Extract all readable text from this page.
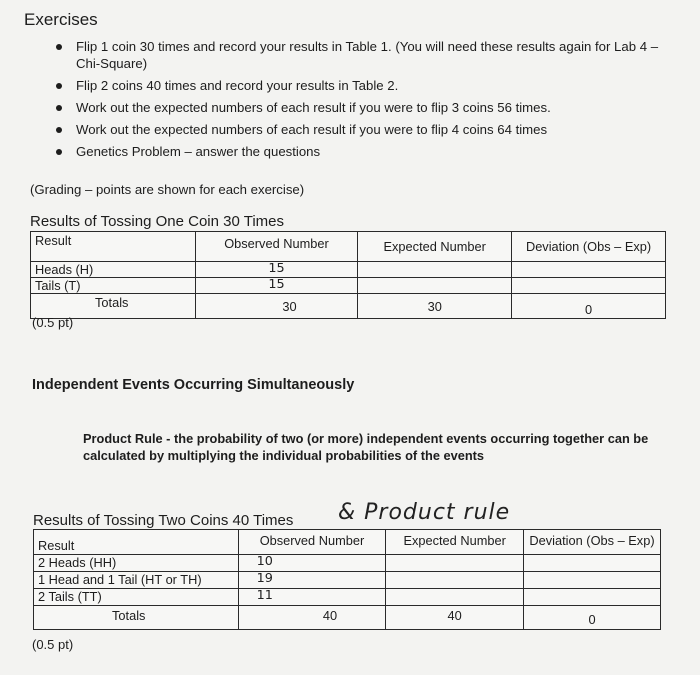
Exercises
Flip 1 coin 30 times and record your results in Table 1. (You will need these results again for Lab 4 – Chi-Square)
Flip 2 coins 40 times and record your results in Table 2.
Work out the expected numbers of each result if you were to flip 3 coins 56 times.
Work out the expected numbers of each result if you were to flip 4 coins 64 times
Genetics Problem – answer the questions
(Grading – points are shown for each exercise)
Results of Tossing One Coin 30 Times
Result	Observed Number	Expected Number	Deviation (Obs – Exp)
Heads (H)	15		
Tails (T)	15		
Totals	30	30	0
(0.5 pt)
Independent Events Occurring Simultaneously
Product Rule - the probability of two (or more) independent events occurring together can be calculated by multiplying the individual probabilities of the events
Results of Tossing Two Coins 40 Times & Product rule
Result	Observed Number	Expected Number	Deviation (Obs – Exp)
2 Heads (HH)	10		
1 Head and 1 Tail (HT or TH)	19		
2 Tails (TT)	11		
Totals	40	40	0
(0.5 pt)
